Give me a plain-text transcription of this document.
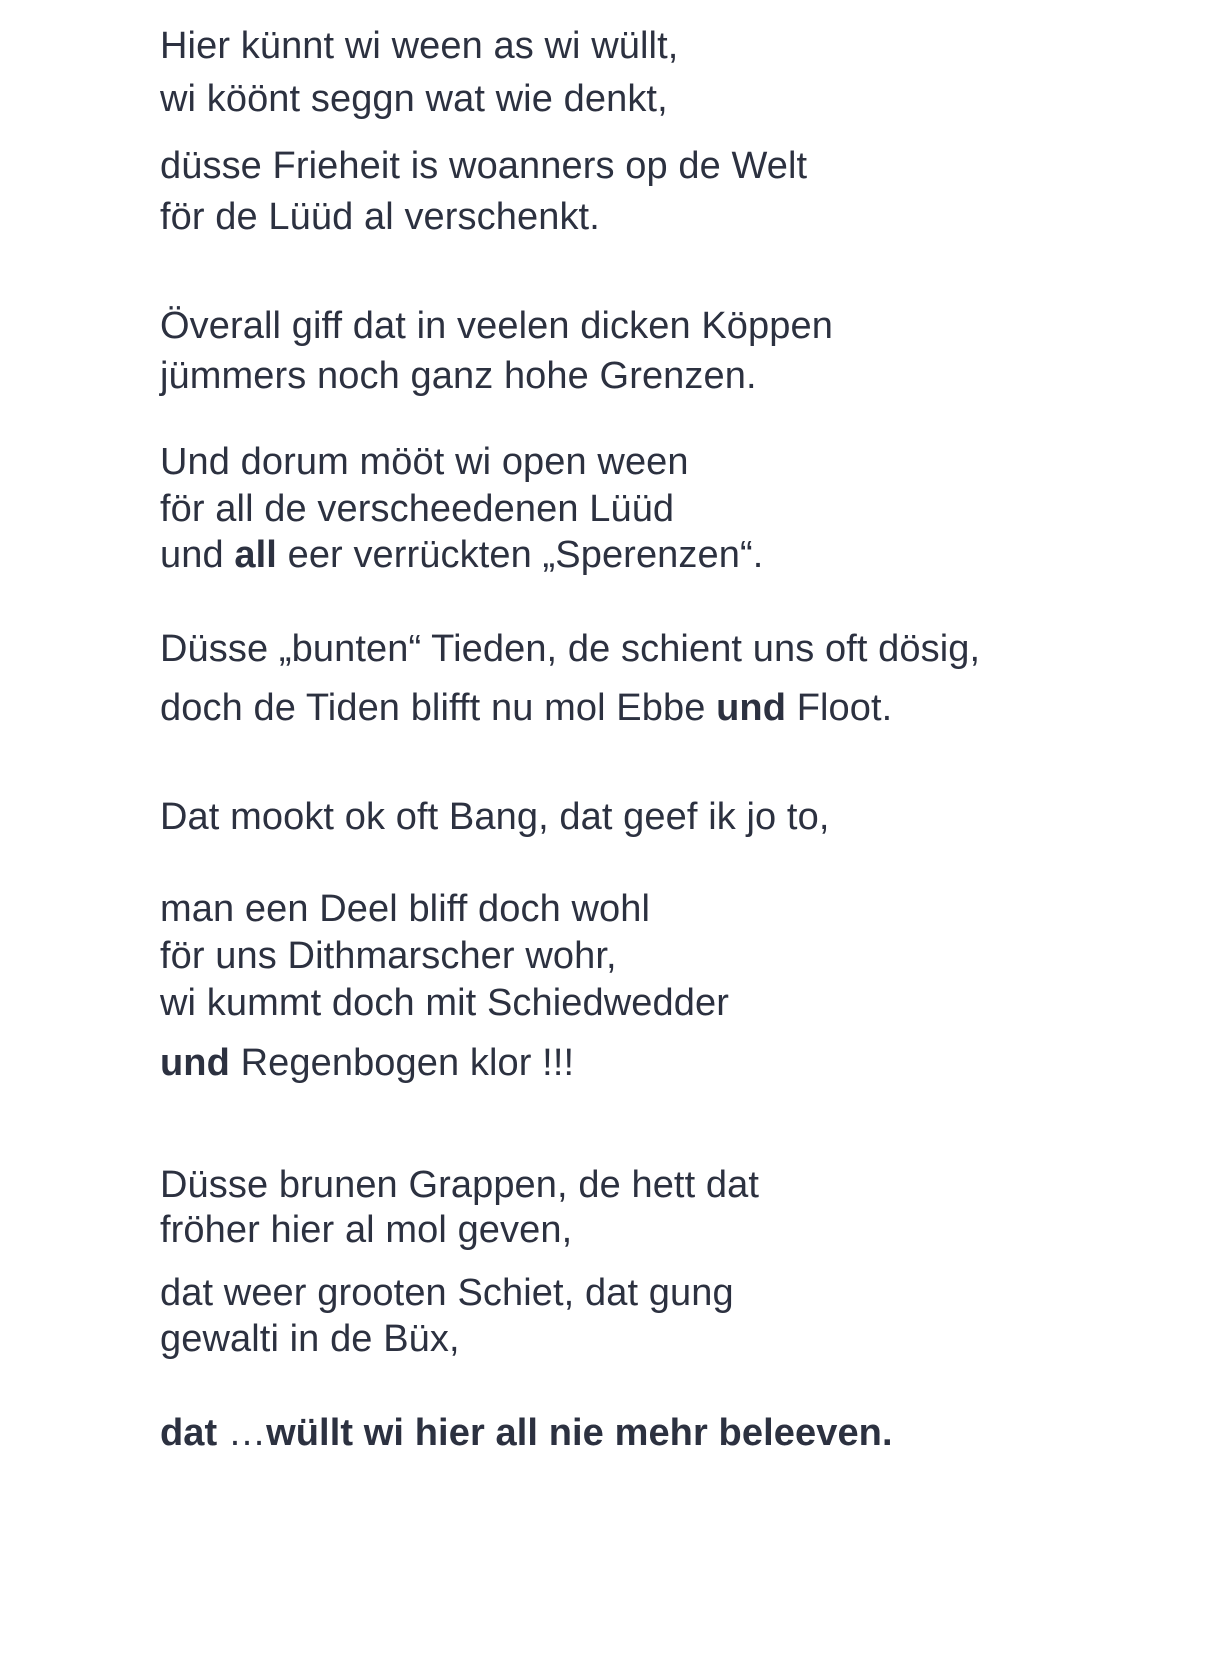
Hier künnt wi ween as wi wüllt,
wi köönt seggn wat wie denkt,
düsse Frieheit is woanners op de Welt
för de Lüüd al verschenkt.
Överall giff dat in veelen dicken Köppen
jümmers noch ganz hohe Grenzen.
Und dorum mööt wi open ween
för all de verscheedenen Lüüd
und all eer verrückten „Sperenzen“.
Düsse „bunten“ Tieden, de schient uns oft dösig,
doch de Tiden blifft nu mol Ebbe und Floot.
Dat mookt ok oft Bang, dat geef ik jo to,
man een Deel bliff doch wohl
för uns Dithmarscher wohr,
wi kummt doch mit Schiedwedder
und Regenbogen klor !!!
Düsse brunen Grappen, de hett dat
fröher hier al mol geven,
dat weer grooten Schiet, dat gung
gewalti in de Büx,
dat …wüllt wi hier all nie mehr beleeven.
